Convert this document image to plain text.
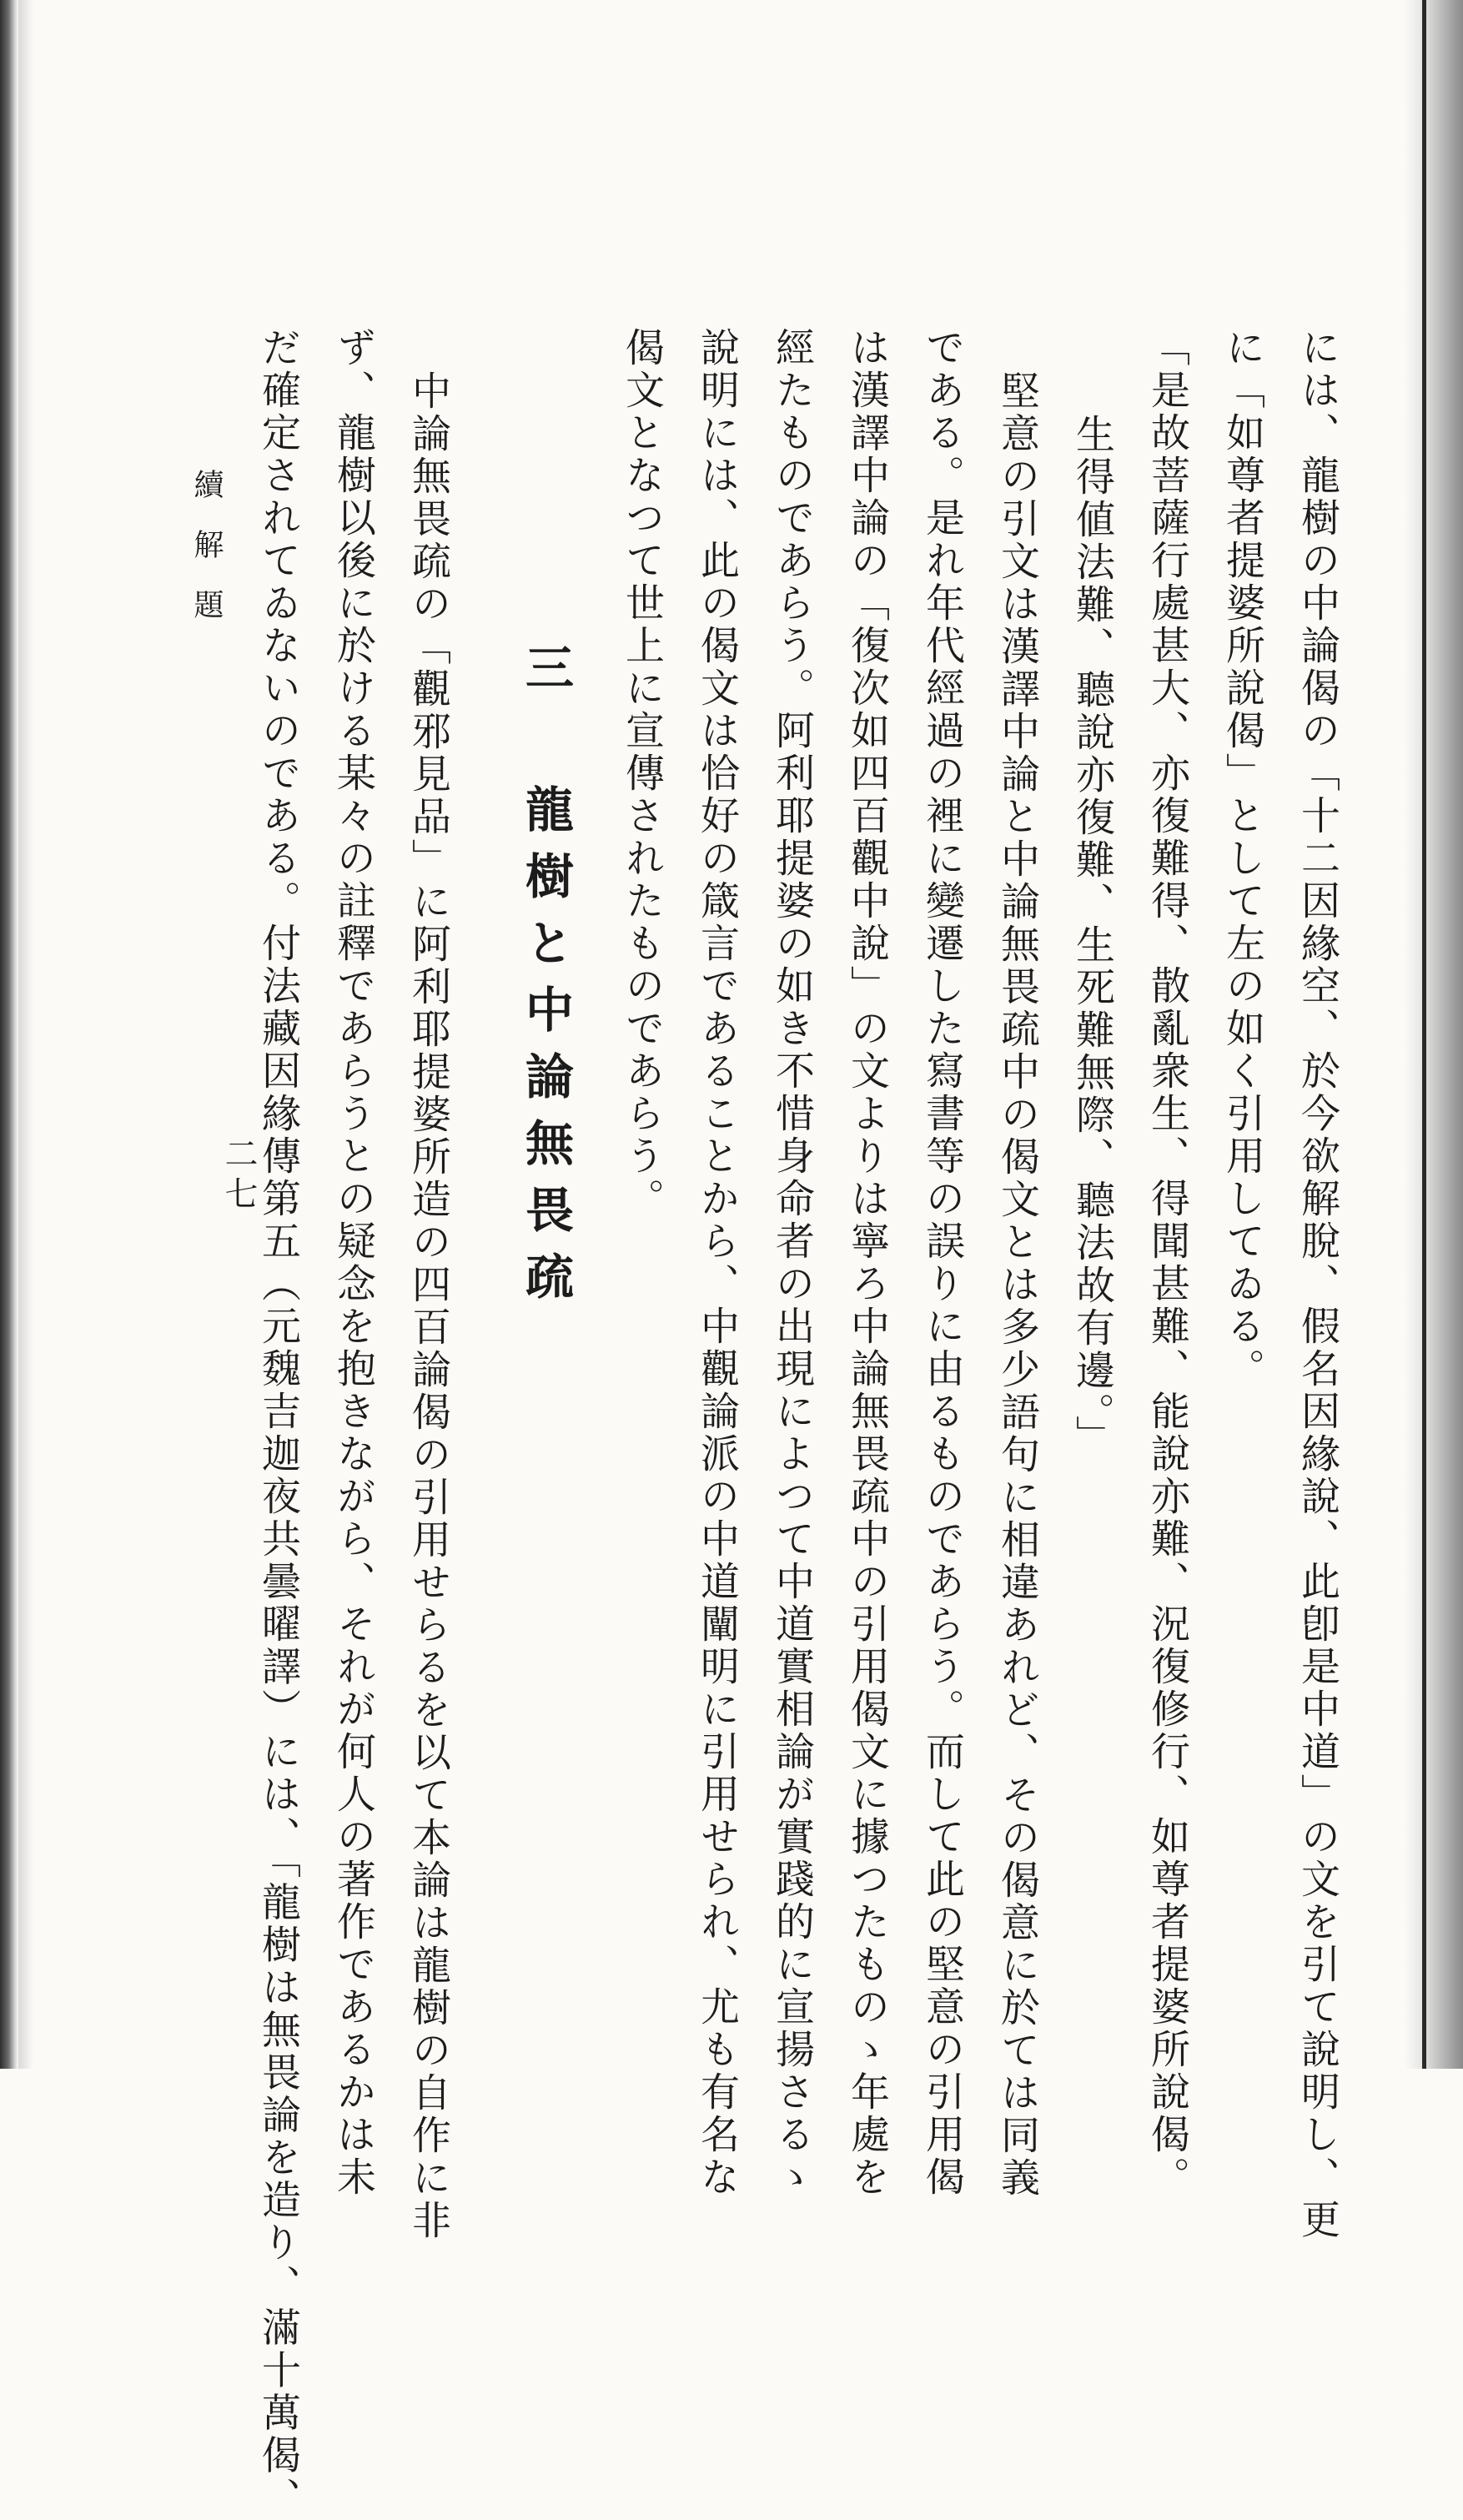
には、龍樹の中論偈の「十二因緣空、於今欲解脫、假名因緣說、此卽是中道」の文を引て說明し、更
に「如尊者提婆所說偈」として左の如く引用してゐる。
「是故菩薩行處甚大、亦復難得、散亂衆生、得聞甚難、能說亦難、況復修行、如尊者提婆所說偈。
生得値法難、聽說亦復難、生死難無際、聽法故有邊。」
堅意の引文は漢譯中論と中論無畏疏中の偈文とは多少語句に相違あれど、その偈意に於ては同義
である。是れ年代經過の裡に變遷した寫書等の誤りに由るものであらう。而して此の堅意の引用偈
は漢譯中論の「復次如四百觀中說」の文よりは寧ろ中論無畏疏中の引用偈文に據つたものゝ年處を
經たものであらう。阿利耶提婆の如き不惜身命者の出現によつて中道實相論が實踐的に宣揚さるゝ
說明には、此の偈文は恰好の箴言であることから、中觀論派の中道闡明に引用せられ、尤も有名な
偈文となつて世上に宣傳されたものであらう。
三 龍樹と中論無畏疏
中論無畏疏の「觀邪見品」に阿利耶提婆所造の四百論偈の引用せらるを以て本論は龍樹の自作に非
ず、龍樹以後に於ける某々の註釋であらうとの疑念を抱きながら、それが何人の著作であるかは未
だ確定されてゐないのである。付法藏因緣傳第五（元魏吉迦夜共曇曜譯）には、「龍樹は無畏論を造り、滿十萬偈、
續解題
二七
